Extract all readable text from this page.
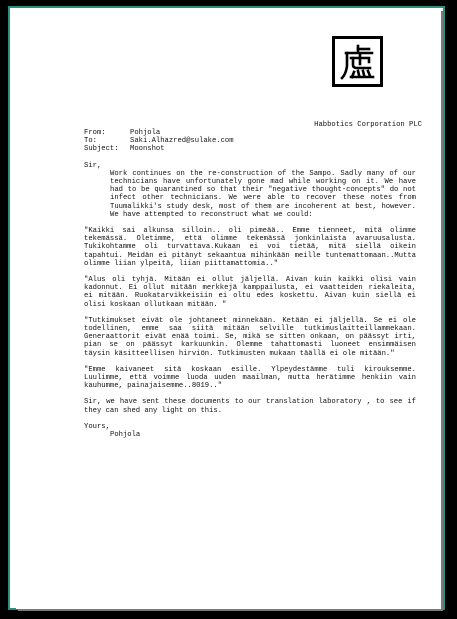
Habbotics Corporation PLC
From:	Pohjola
To:	Saki.Alhazred@sulake.com
Subject:	Moonshot
Sir,

Work continues on the re-construction of the Sampo. Sadly many of our technicians have unfortunately gone mad while working on it. We have had to be quarantined so that their "negative thought-concepts" do not infect other technicians. We were able to recover these notes from Tuumalikki's study desk, most of them are incoherent at best, however. We have attempted to reconstruct what we could:

"Kaikki sai alkunsa silloin.. oli pimeää.. Emme tienneet, mitä olimme tekemässä. Oletimme, että olimme tekemässä jonkinlaista avaruusalusta. Tukikohtamme oli turvattava.Kukaan ei voi tietää, mitä siellä oikein tapahtui. Meidän ei pitänyt sekaantua mihinkään meille tuntemattomaan..Mutta olimme liian ylpeitä, liian piittamattomia.."

"Alus oli tyhjä. Mitään ei ollut jäljellä. Aivan kuin kaikki olisi vain kadonnut. Ei ollut mitään merkkejä kamppailusta, ei vaatteiden riekaleita, ei mitään. Ruokatarvikkeisiin ei oltu edes koskettu. Aivan kuin siellä ei olisi koskaan ollutkaan mitään. "

"Tutkimukset eivät ole johtaneet minnekään. Ketään ei jäljellä. Se ei ole todellinen, emme saa siitä mitään selville tutkimuslaitteillammekaan. Generaattorit eivät enää toimi. Se, mikä se sitten onkaan, on päässyt irti, pian se on päässyt karkuunkin. Olemme tahattomasti luoneet ensimmäisen täysin käsitteellisen hirviön. Tutkimusten mukaan täällä ei ole mitään."

"Emme kaivaneet sitä koskaan esille. Ylpeydestämme tuli kirouksemme. Luulimme, että voimme luoda uuden maailman, mutta herätimme henkiin vain kauhumme, painajaisemme..8019.."

Sir, we have sent these documents to our translation laboratory , to see if they can shed any light on this.

Yours,
Pohjola
